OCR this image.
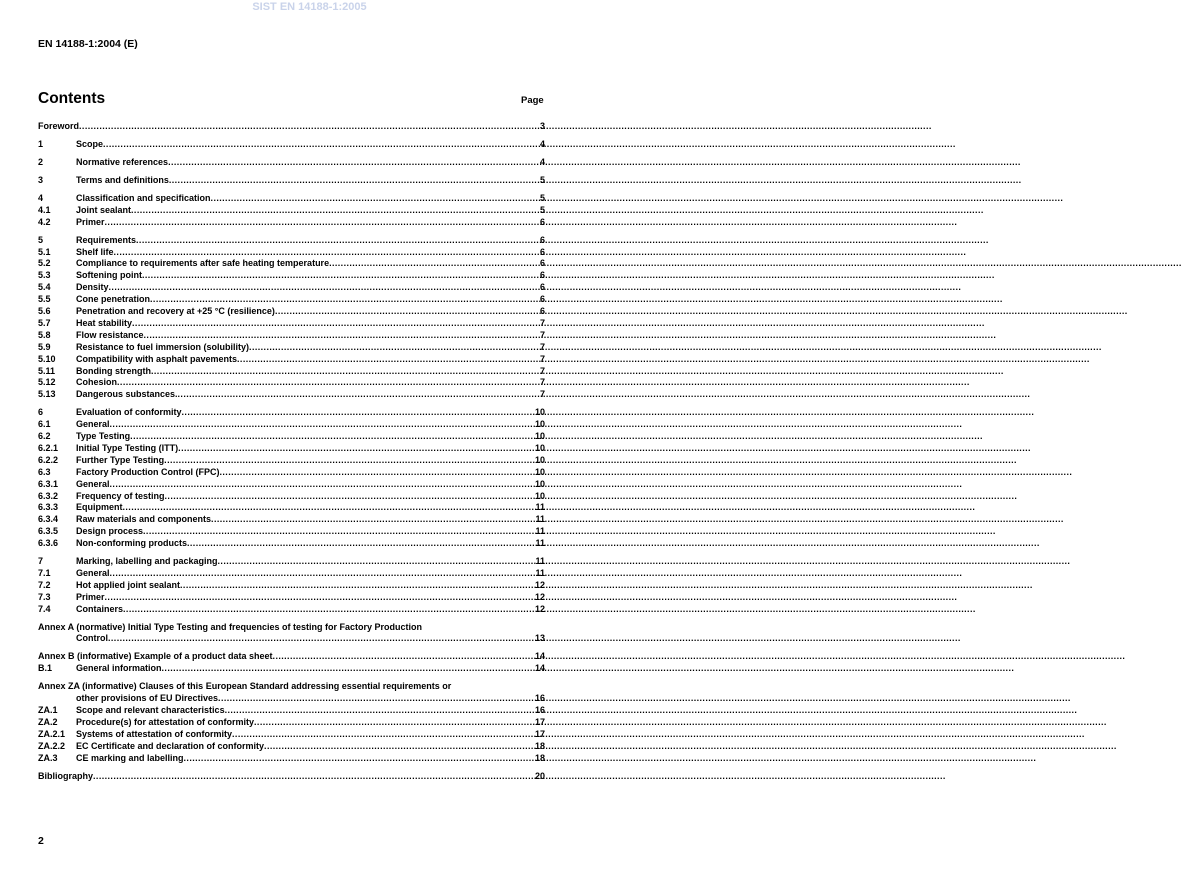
SIST EN 14188-1:2005
EN 14188-1:2004 (E)
Contents	Page
Foreword .....	3
1	Scope .....	4
2	Normative references .....	4
3	Terms and definitions .....	5
4	Classification and specification .....	5
4.1	Joint sealant .....	5
4.2	Primer .....	6
5	Requirements .....	6
5.1	Shelf life .....	6
5.2	Compliance to requirements after safe heating temperature .....	6
5.3	Softening point .....	6
5.4	Density .....	6
5.5	Cone penetration .....	6
5.6	Penetration and recovery at +25 °C (resilience) .....	6
5.7	Heat stability .....	7
5.8	Flow resistance .....	7
5.9	Resistance to fuel immersion (solubility) .....	7
5.10	Compatibility with asphalt pavements .....	7
5.11	Bonding strength .....	7
5.12	Cohesion .....	7
5.13	Dangerous substances. .....	7
6	Evaluation of conformity .....	10
6.1	General .....	10
6.2	Type Testing .....	10
6.2.1	Initial Type Testing (ITT) .....	10
6.2.2	Further Type Testing .....	10
6.3	Factory Production Control (FPC) .....	10
6.3.1	General .....	10
6.3.2	Frequency of testing .....	10
6.3.3	Equipment .....	11
6.3.4	Raw materials and components .....	11
6.3.5	Design process .....	11
6.3.6	Non-conforming products .....	11
7	Marking, labelling and packaging .....	11
7.1	General .....	11
7.2	Hot applied joint sealant .....	12
7.3	Primer .....	12
7.4	Containers .....	12
Annex A (normative) Initial Type Testing and frequencies of testing for Factory Production
Control .....	13
Annex B (informative) Example of a product data sheet .....	14
B.1	General information .....	14
Annex ZA (informative) Clauses of this European Standard addressing essential requirements or
other provisions of EU Directives .....	16
ZA.1	Scope and relevant characteristics .....	16
ZA.2	Procedure(s) for attestation of conformity .....	17
ZA.2.1	Systems of attestation of conformity .....	17
ZA.2.2	EC Certificate and declaration of conformity .....	18
ZA.3	CE marking and labelling .....	18
Bibliography .....	20
2
